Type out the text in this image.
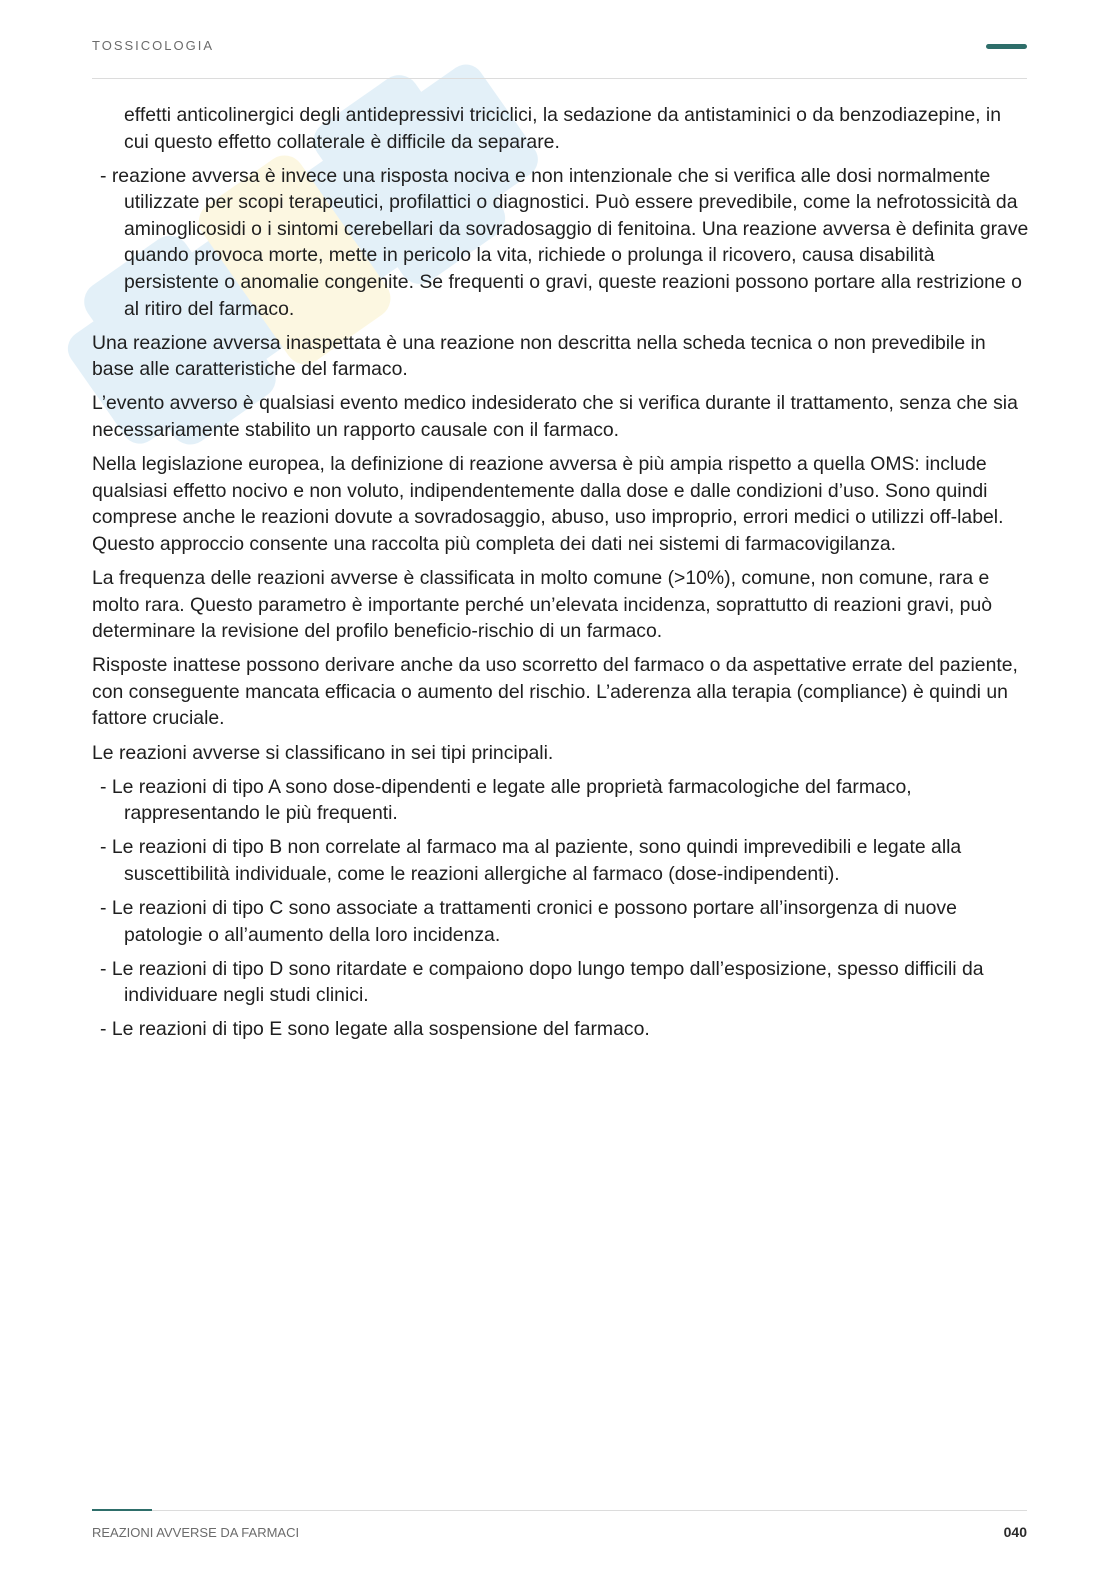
TOSSICOLOGIA
effetti anticolinergici degli antidepressivi triciclici, la sedazione da antistaminici o da benzodiazepine, in cui questo effetto collaterale è difficile da separare.
- reazione avversa è invece una risposta nociva e non intenzionale che si verifica alle dosi normalmente utilizzate per scopi terapeutici, profilattici o diagnostici. Può essere prevedibile, come la nefrotossicità da aminoglicosidi o i sintomi cerebellari da sovradosaggio di fenitoina. Una reazione avversa è definita grave quando provoca morte, mette in pericolo la vita, richiede o prolunga il ricovero, causa disabilità persistente o anomalie congenite. Se frequenti o gravi, queste reazioni possono portare alla restrizione o al ritiro del farmaco.

Una reazione avversa inaspettata è una reazione non descritta nella scheda tecnica o non prevedibile in base alle caratteristiche del farmaco.

L’evento avverso è qualsiasi evento medico indesiderato che si verifica durante il trattamento, senza che sia necessariamente stabilito un rapporto causale con il farmaco.

Nella legislazione europea, la definizione di reazione avversa è più ampia rispetto a quella OMS: include qualsiasi effetto nocivo e non voluto, indipendentemente dalla dose e dalle condizioni d’uso. Sono quindi comprese anche le reazioni dovute a sovradosaggio, abuso, uso improprio, errori medici o utilizzi off-label. Questo approccio consente una raccolta più completa dei dati nei sistemi di farmacovigilanza.

La frequenza delle reazioni avverse è classificata in molto comune (>10%), comune, non comune, rara e molto rara. Questo parametro è importante perché un’elevata incidenza, soprattutto di reazioni gravi, può determinare la revisione del profilo beneficio-rischio di un farmaco.

Risposte inattese possono derivare anche da uso scorretto del farmaco o da aspettative errate del paziente, con conseguente mancata efficacia o aumento del rischio. L’aderenza alla terapia (compliance) è quindi un fattore cruciale.

Le reazioni avverse si classificano in sei tipi principali.

- Le reazioni di tipo A sono dose-dipendenti e legate alle proprietà farmacologiche del farmaco, rappresentando le più frequenti.
- Le reazioni di tipo B non correlate al farmaco ma al paziente, sono quindi imprevedibili e legate alla suscettibilità individuale, come le reazioni allergiche al farmaco (dose-indipendenti).
- Le reazioni di tipo C sono associate a trattamenti cronici e possono portare all’insorgenza di nuove patologie o all’aumento della loro incidenza.
- Le reazioni di tipo D sono ritardate e compaiono dopo lungo tempo dall’esposizione, spesso difficili da individuare negli studi clinici.
- Le reazioni di tipo E sono legate alla sospensione del farmaco.
REAZIONI AVVERSE DA FARMACI	040
